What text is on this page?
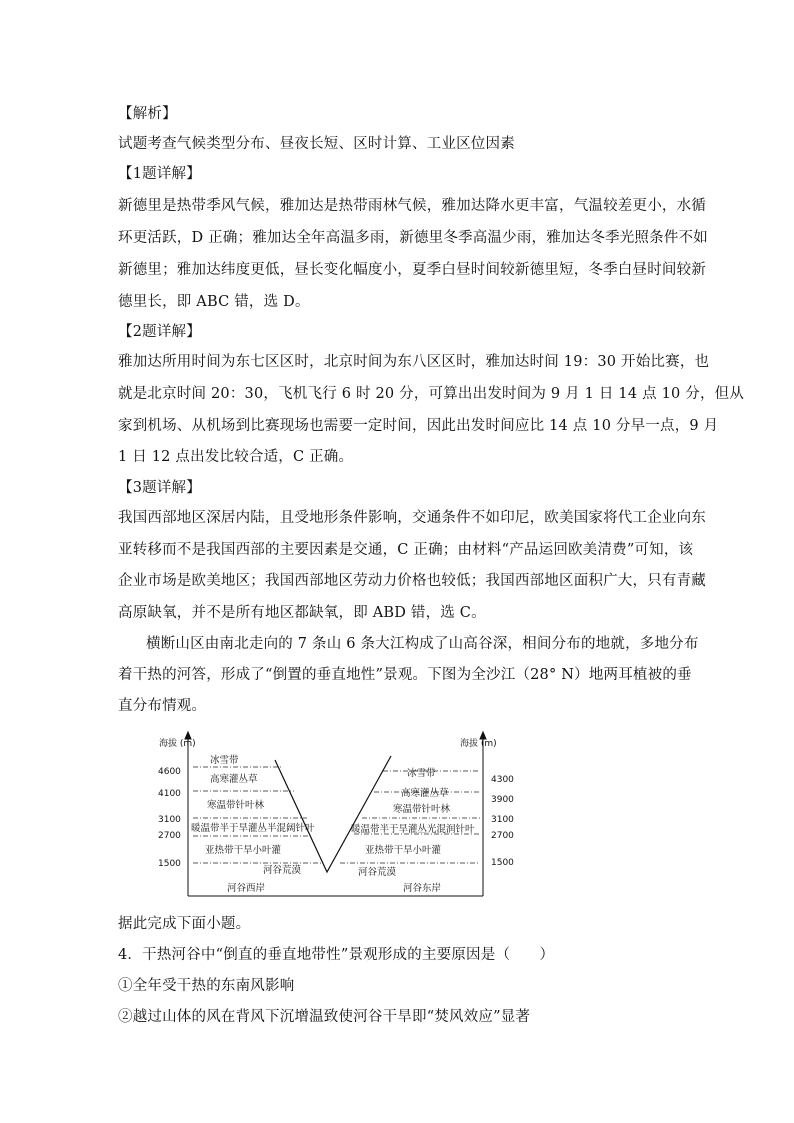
【解析】
试题考查气候类型分布、昼夜长短、区时计算、工业区位因素
【1题详解】
新德里是热带季风气候，雅加达是热带雨林气候，雅加达降水更丰富，气温较差更小，水循
环更活跃，D 正确；雅加达全年高温多雨，新德里冬季高温少雨，雅加达冬季光照条件不如
新德里；雅加达纬度更低，昼长变化幅度小，夏季白昼时间较新德里短，冬季白昼时间较新
德里长，即 ABC 错，选 D。
【2题详解】
雅加达所用时间为东七区区时，北京时间为东八区区时，雅加达时间 19：30 开始比赛，也
就是北京时间 20：30，飞机飞行 6 时 20 分，可算出出发时间为 9 月 1 日 14 点 10 分，但从
家到机场、从机场到比赛现场也需要一定时间，因此出发时间应比 14 点 10 分早一点，9 月
1 日 12 点出发比较合适，C 正确。
【3题详解】
我国西部地区深居内陆，且受地形条件影响，交通条件不如印尼，欧美国家将代工企业向东
亚转移而不是我国西部的主要因素是交通，C 正确；由材料“产品运回欧美清费”可知，该
企业市场是欧美地区；我国西部地区劳动力价格也较低；我国西部地区面积广大，只有青藏
高原缺氧，并不是所有地区都缺氧，即 ABD 错，选 C。
横断山区由南北走向的 7 条山 6 条大江构成了山高谷深，相间分布的地就，多地分布
着干热的河答，形成了“倒置的垂直地性”景观。下图为全沙江（28° N）地两耳植被的垂
直分布情观。
海拔 (m)	海拔 (m)
4600
4100
3100
2700
1500
4300
3900
3100
2700
1500
冰雪带
高寒灌丛草
寒温带针叶林
暖温带半于旱灌丛半混阔针叶
亚热带干旱小叶灌
河谷荒漠
冰雪带
高寒灌丛草
寒温带针叶林
暖温带半于旱灌丛光混润针叶
亚热带干旱小叶灌
河谷荒漠
河谷西岸	河谷东岸
据此完成下面小题。
4．干热河谷中“倒直的垂直地带性”景观形成的主要原因是（　　）
①全年受干热的东南风影响
②越过山体的风在背风下沉增温致使河谷干旱即“焚风效应”显著
